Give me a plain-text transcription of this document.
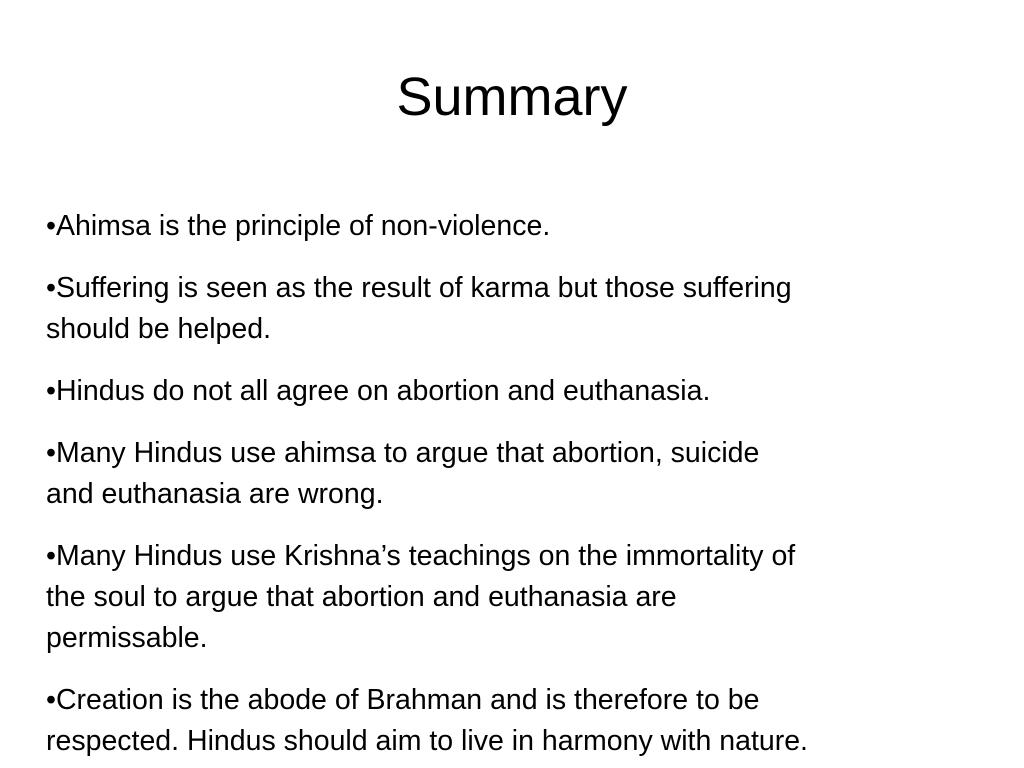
Summary
•Ahimsa is the principle of non-violence.
•Suffering is seen as the result of karma but those suffering
should be helped.
•Hindus do not all agree on abortion and euthanasia.
•Many Hindus use ahimsa to argue that abortion, suicide
and euthanasia are wrong.
•Many Hindus use Krishna’s teachings on the immortality of
the soul to argue that abortion and euthanasia are
permissable.
•Creation is the abode of Brahman and is therefore to be
respected. Hindus should aim to live in harmony with nature.
